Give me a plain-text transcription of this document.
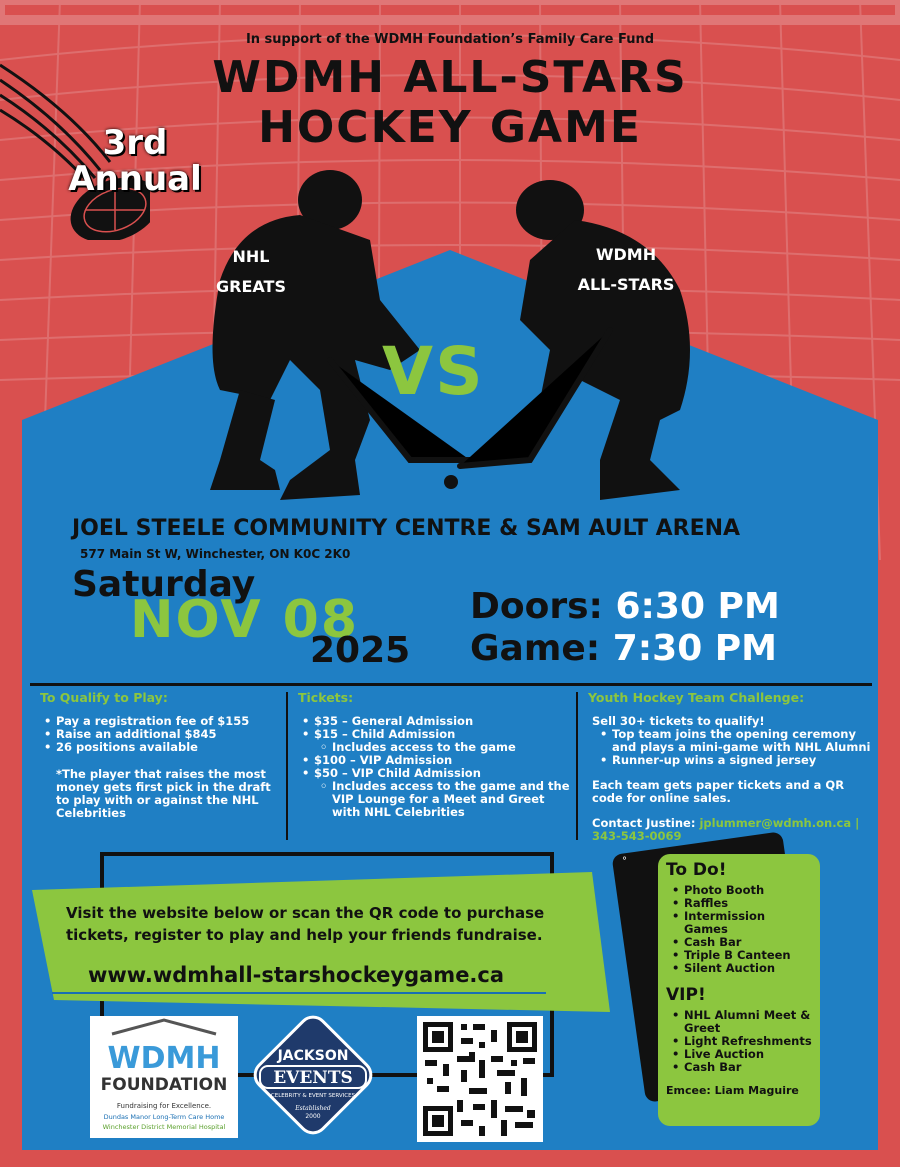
In support of the WDMH Foundation’s Family Care Fund
WDMH ALL-STARS
HOCKEY GAME
3rd
Annual
NHL
GREATS
WDMH
ALL-STARS
VS
JOEL STEELE COMMUNITY CENTRE & SAM AULT ARENA
577 Main St W, Winchester, ON K0C 2K0
Saturday
NOV 08
2025
Doors: 6:30 PM
Game: 7:30 PM
To Qualify to Play:
• Pay a registration fee of $155
• Raise an additional $845
• 26 positions available

*The player that raises the most money gets first pick in the draft to play with or against the NHL Celebrities

Tickets:
• $35 – General Admission
• $15 – Child Admission
◦ Includes access to the game
• $100 – VIP Admission
• $50 – VIP Child Admission
◦ Includes access to the game and the VIP Lounge for a Meet and Greet with NHL Celebrities
Youth Hockey Team Challenge:

Sell 30+ tickets to qualify!

• Top team joins the opening ceremony and plays a mini-game with NHL Alumni
• Runner-up wins a signed jersey

Each team gets paper tickets and a QR code for online sales.

Contact Justine: jplummer@wdmh.on.ca |
343-543-0069

Visit the website below or scan the QR code to purchase tickets, register to play and help your friends fundraise.
www.wdmhall-starshockeygame.ca
WDMH
FOUNDATION
Fundraising for Excellence.
Dundas Manor Long-Term Care Home
Winchester District Memorial Hospital
JACKSON
EVENTS
CELEBRITY & EVENT SERVICES
Established
2000
° To Do!
• Photo Booth
• Raffles
• Intermission Games
• Cash Bar
• Triple B Canteen
• Silent Auction
VIP!
• NHL Alumni Meet & Greet
• Light Refreshments
• Live Auction
• Cash Bar
Emcee: Liam Maguire
